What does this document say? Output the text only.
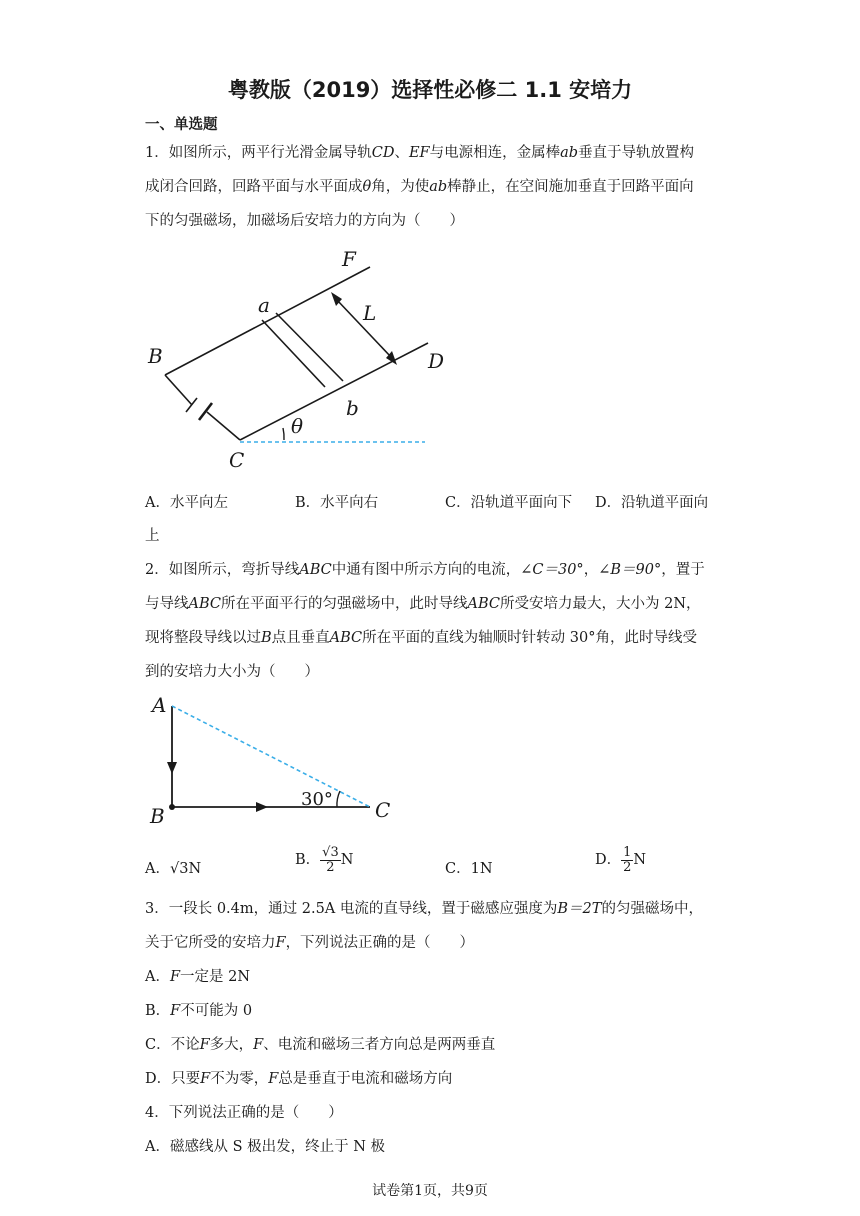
粤教版（2019）选择性必修二 1.1 安培力
一、单选题
1．如图所示，两平行光滑金属导轨CD、EF与电源相连，金属棒ab垂直于导轨放置构
成闭合回路，回路平面与水平面成θ角，为使ab棒静止，在空间施加垂直于回路平面向
下的匀强磁场，加磁场后安培力的方向为（　　）
F
a	L
B	D
b
θ
C
A．水平向左	B．水平向右	C．沿轨道平面向下 D．沿轨道平面向
上
2．如图所示，弯折导线ABC中通有图中所示方向的电流，∠C＝30°，∠B＝90°，置于
与导线ABC所在平面平行的匀强磁场中，此时导线ABC所受安培力最大，大小为 2N，
现将整段导线以过B点且垂直ABC所在平面的直线为轴顺时针转动 30°角，此时导线受
到的安培力大小为（　　）
30°
A
B	C
A．√3N
B． $\frac{√3}{2}$ N
C．1N
D． $\frac{1}{2}$ N
3．一段长 0.4m，通过 2.5A 电流的直导线，置于磁感应强度为B＝2T的匀强磁场中，
关于它所受的安培力F，下列说法正确的是（　　）
A．F一定是 2N
B．F不可能为 0
C．不论F多大，F、电流和磁场三者方向总是两两垂直
D．只要F不为零，F总是垂直于电流和磁场方向
4．下列说法正确的是（　　）
A．磁感线从 S 极出发，终止于 N 极
试卷第1页，共9页
